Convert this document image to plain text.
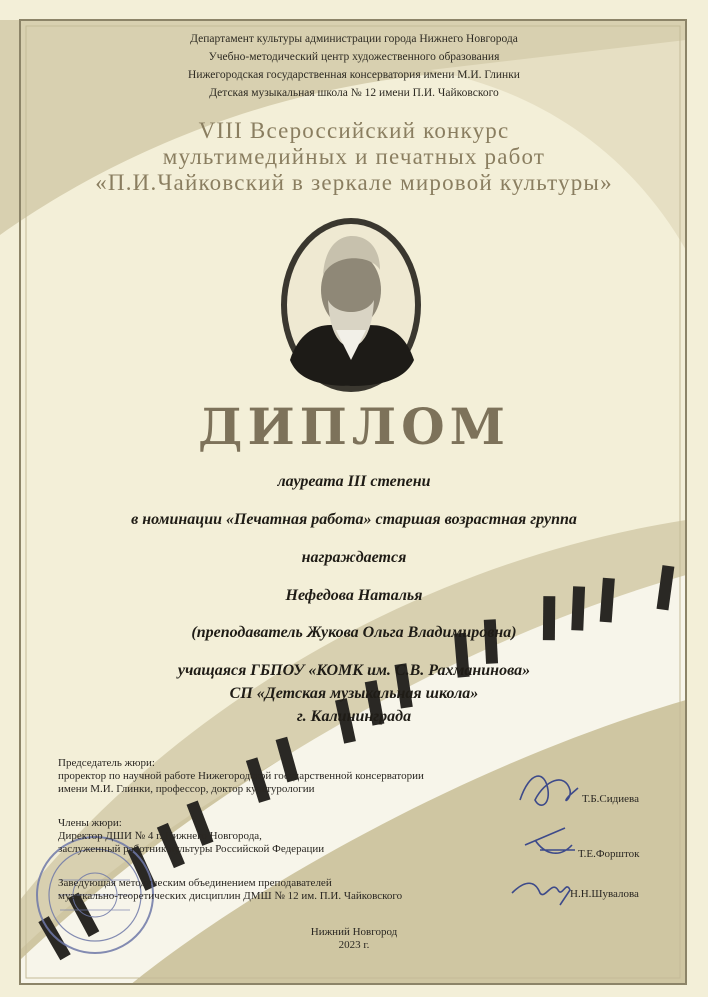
Департамент культуры администрации города Нижнего Новгорода
Учебно-методический центр художественного образования
Нижегородская государственная консерватория имени М.И. Глинки
Детская музыкальная школа № 12 имени П.И. Чайковского
VIII Всероссийский конкурс
мультимедийных и печатных работ
«П.И.Чайковский в зеркале мировой культуры»
ДИПЛОМ
лауреата III степени
в номинации «Печатная работа» старшая возрастная группа
награждается
Нефедова Наталья
(преподаватель Жукова Ольга Владимировна)
учащаяся ГБПОУ «КОМК им. С.В. Рахманинова»
СП «Детская музыкальная школа»
г. Калининграда
Председатель жюри:
проректор по научной работе Нижегородской государственной консерватории
имени М.И. Глинки, профессор, доктор культурологии
Т.Б.Сидиева
Члены жюри:
Директор ДШИ № 4 г. Нижнего Новгорода,
заслуженный работник культуры Российской Федерации	Т.Е.Форшток
Заведующая методическим объединением преподавателей
музыкально-теоретических дисциплин ДМШ № 12 им. П.И. Чайковского	Н.Н.Шувалова
Нижний Новгород
2023 г.
